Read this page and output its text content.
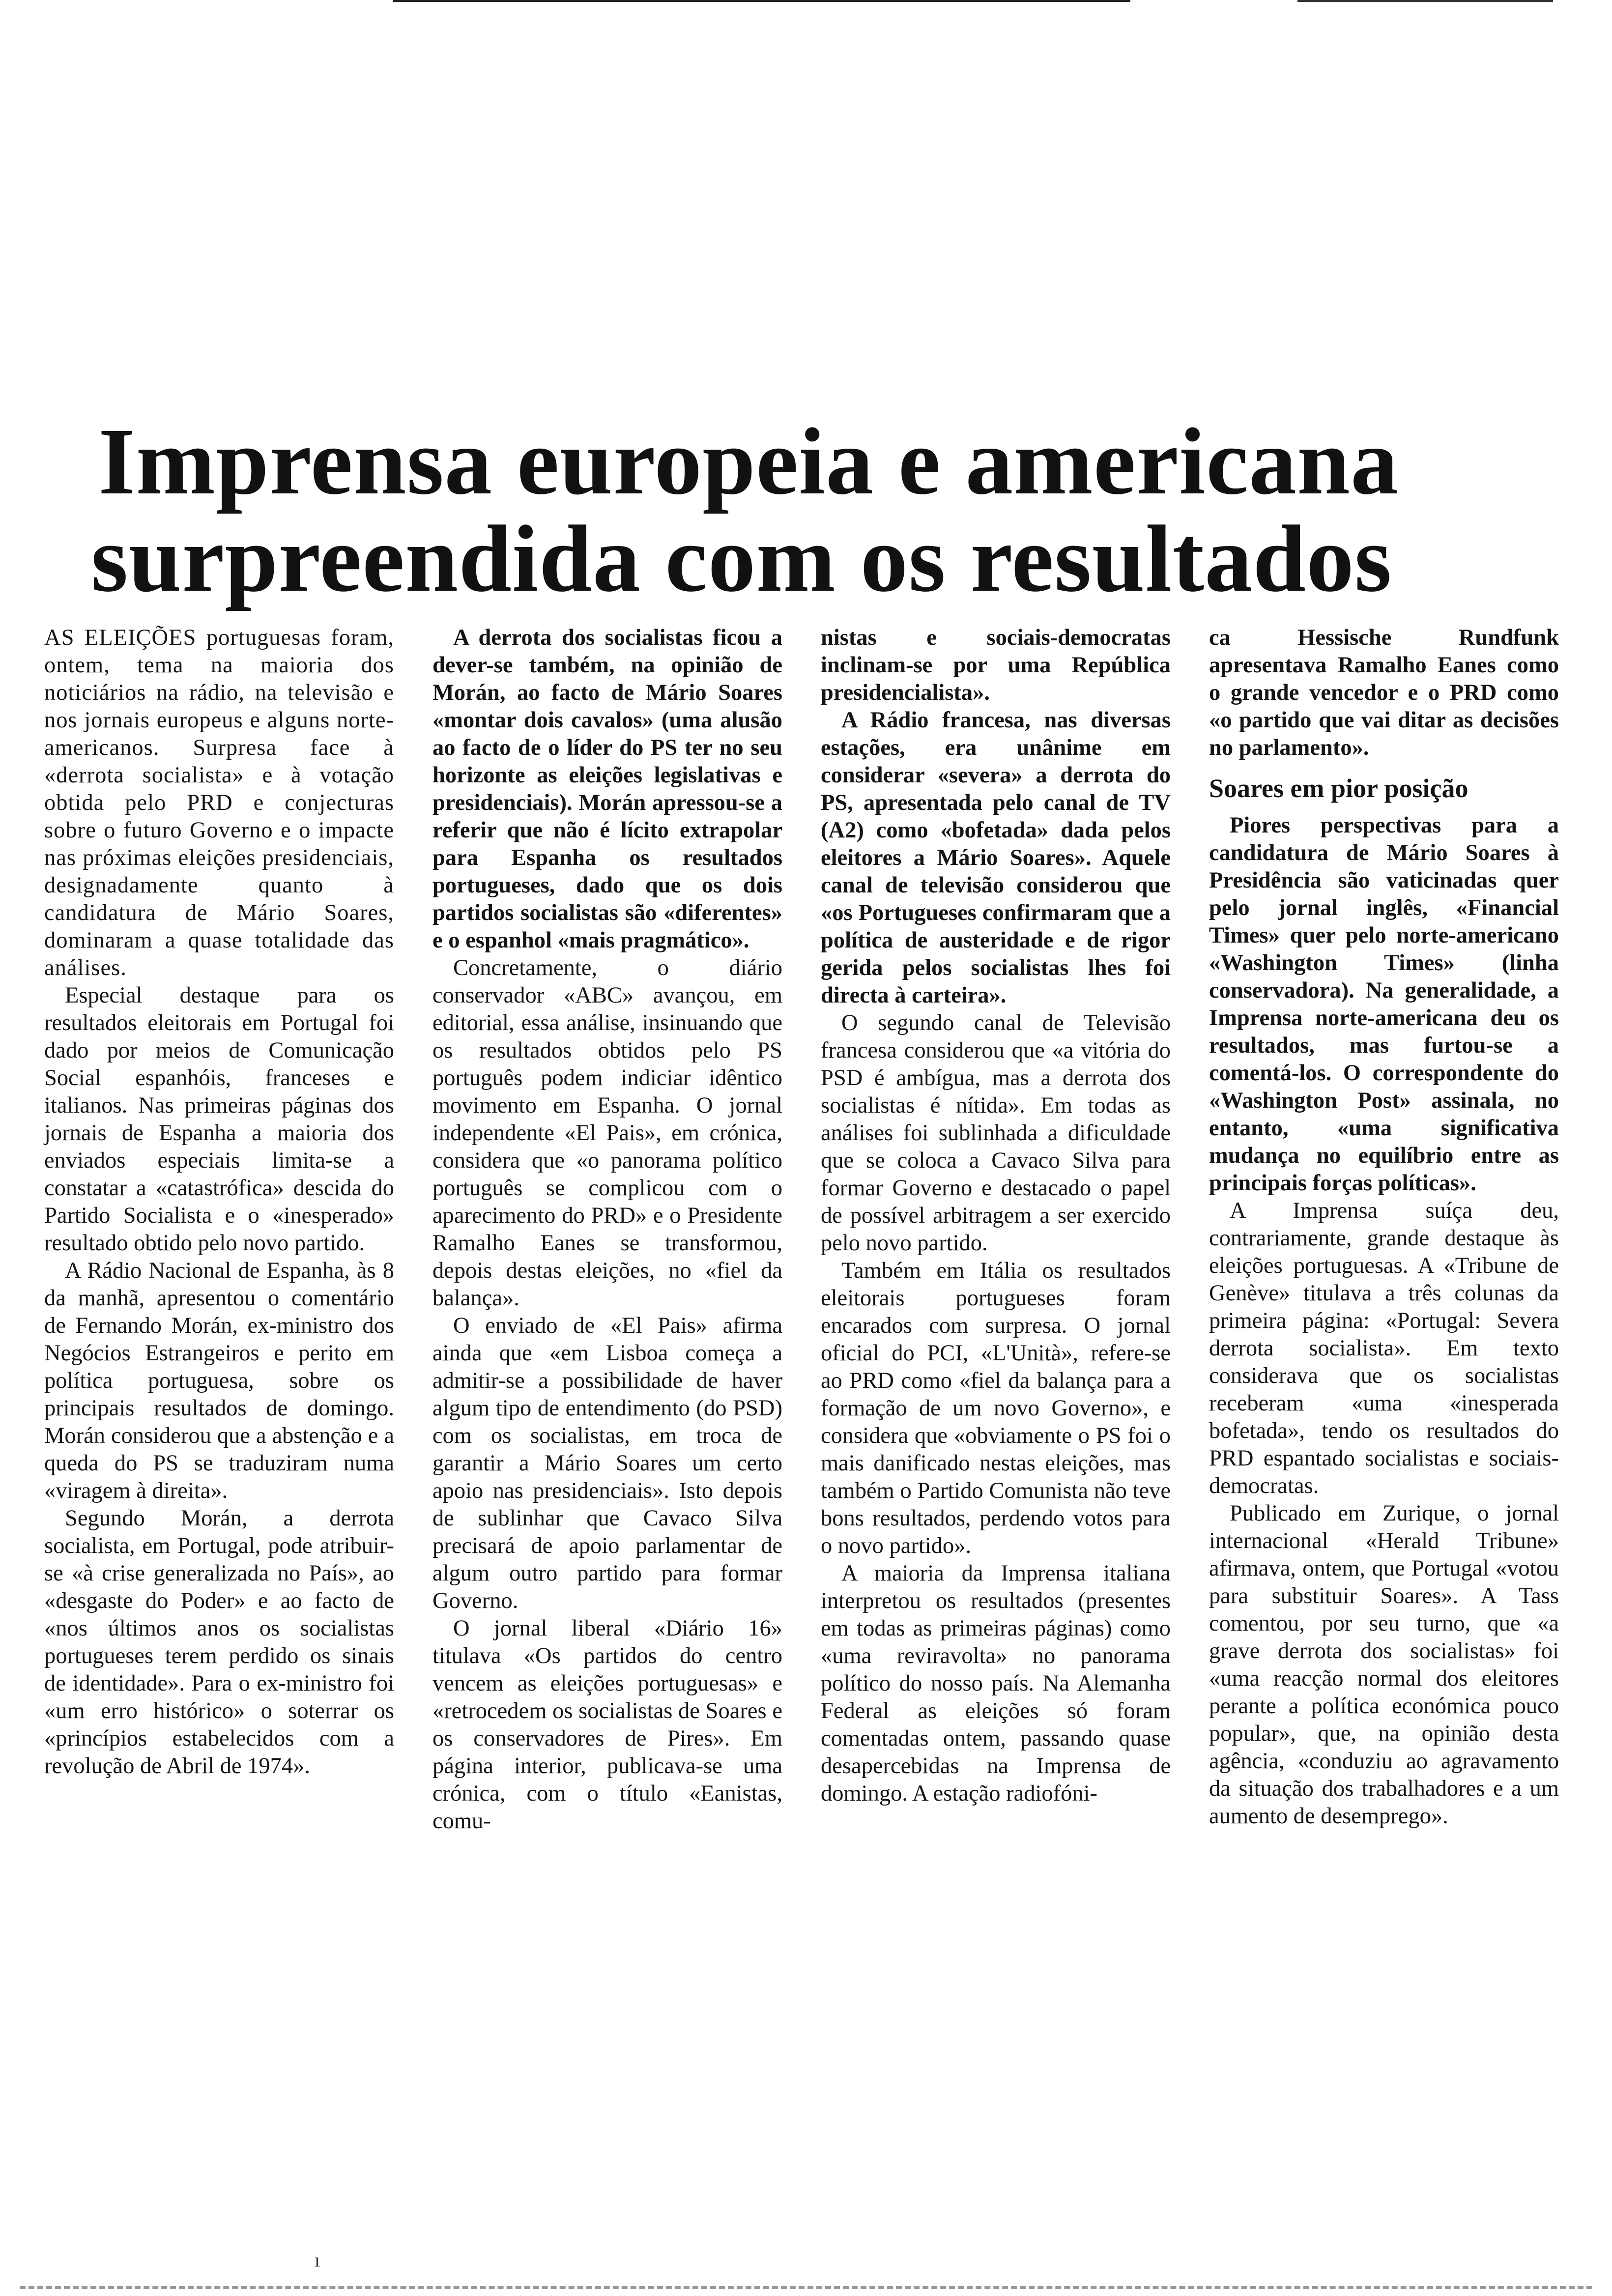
Imprensa europeia e americana
surpreendida com os resultados

AS ELEIÇÕES portuguesas foram, ontem, tema na maioria dos noticiários na rádio, na televisão e nos jornais europeus e alguns norte-americanos. Surpresa face à «derrota socialista» e à votação obtida pelo PRD e conjecturas sobre o futuro Governo e o impacte nas próximas eleições presidenciais, designadamente quanto à candidatura de Mário Soares, dominaram a quase totalidade das análises.

Especial destaque para os resultados eleitorais em Portugal foi dado por meios de Comunicação Social espanhóis, franceses e italianos. Nas primeiras páginas dos jornais de Espanha a maioria dos enviados especiais limita-se a constatar a «catastrófica» descida do Partido Socialista e o «inesperado» resultado obtido pelo novo partido.

A Rádio Nacional de Espanha, às 8 da manhã, apresentou o comentário de Fernando Morán, ex-ministro dos Negócios Estrangeiros e perito em política portuguesa, sobre os principais resultados de domingo. Morán considerou que a abstenção e a queda do PS se traduziram numa «viragem à direita».

Segundo Morán, a derrota socialista, em Portugal, pode atribuir-se «à crise generalizada no País», ao «desgaste do Poder» e ao facto de «nos últimos anos os socialistas portugueses terem perdido os sinais de identidade». Para o ex-ministro foi «um erro histórico» o soterrar os «princípios estabelecidos com a revolução de Abril de 1974».

A derrota dos socialistas ficou a dever-se também, na opinião de Morán, ao facto de Mário Soares «montar dois cavalos» (uma alusão ao facto de o líder do PS ter no seu horizonte as eleições legislativas e presidenciais). Morán apressou-se a referir que não é lícito extrapolar para Espanha os resultados portugueses, dado que os dois partidos socialistas são «diferentes» e o espanhol «mais pragmático».

Concretamente, o diário conservador «ABC» avançou, em editorial, essa análise, insinuando que os resultados obtidos pelo PS português podem indiciar idêntico movimento em Espanha. O jornal independente «El Pais», em crónica, considera que «o panorama político português se complicou com o aparecimento do PRD» e o Presidente Ramalho Eanes se transformou, depois destas eleições, no «fiel da balança».

O enviado de «El Pais» afirma ainda que «em Lisboa começa a admitir-se a possibilidade de haver algum tipo de entendimento (do PSD) com os socialistas, em troca de garantir a Mário Soares um certo apoio nas presidenciais». Isto depois de sublinhar que Cavaco Silva precisará de apoio parlamentar de algum outro partido para formar Governo.

O jornal liberal «Diário 16» titulava «Os partidos do centro vencem as eleições portuguesas» e «retrocedem os socialistas de Soares e os conservadores de Pires». Em página interior, publicava-se uma crónica, com o título «Eanistas, comu-

nistas e sociais-democratas inclinam-se por uma República presidencialista».

A Rádio francesa, nas diversas estações, era unânime em considerar «severa» a derrota do PS, apresentada pelo canal de TV (A2) como «bofetada» dada pelos eleitores a Mário Soares». Aquele canal de televisão considerou que «os Portugueses confirmaram que a política de austeridade e de rigor gerida pelos socialistas lhes foi directa à carteira».

O segundo canal de Televisão francesa considerou que «a vitória do PSD é ambígua, mas a derrota dos socialistas é nítida». Em todas as análises foi sublinhada a dificuldade que se coloca a Cavaco Silva para formar Governo e destacado o papel de possível arbitragem a ser exercido pelo novo partido.

Também em Itália os resultados eleitorais portugueses foram encarados com surpresa. O jornal oficial do PCI, «L'Unità», refere-se ao PRD como «fiel da balança para a formação de um novo Governo», e considera que «obviamente o PS foi o mais danificado nestas eleições, mas também o Partido Comunista não teve bons resultados, perdendo votos para o novo partido».

A maioria da Imprensa italiana interpretou os resultados (presentes em todas as primeiras páginas) como «uma reviravolta» no panorama político do nosso país. Na Alemanha Federal as eleições só foram comentadas ontem, passando quase desapercebidas na Imprensa de domingo. A estação radiofóni-

ca Hessische Rundfunk apresentava Ramalho Eanes como o grande vencedor e o PRD como «o partido que vai ditar as decisões no parlamento».

Soares em pior posição

Piores perspectivas para a candidatura de Mário Soares à Presidência são vaticinadas quer pelo jornal inglês, «Financial Times» quer pelo norte-americano «Washington Times» (linha conservadora). Na generalidade, a Imprensa norte-americana deu os resultados, mas furtou-se a comentá-los. O correspondente do «Washington Post» assinala, no entanto, «uma significativa mudança no equilíbrio entre as principais forças políticas».

A Imprensa suíça deu, contrariamente, grande destaque às eleições portuguesas. A «Tribune de Genève» titulava a três colunas da primeira página: «Portugal: Severa derrota socialista». Em texto considerava que os socialistas receberam «uma «inesperada bofetada», tendo os resultados do PRD espantado socialistas e sociais-democratas.

Publicado em Zurique, o jornal internacional «Herald Tribune» afirmava, ontem, que Portugal «votou para substituir Soares». A Tass comentou, por seu turno, que «a grave derrota dos socialistas» foi «uma reacção normal dos eleitores perante a política económica pouco popular», que, na opinião desta agência, «conduziu ao agravamento da situação dos trabalhadores e a um aumento de desemprego».

ı
